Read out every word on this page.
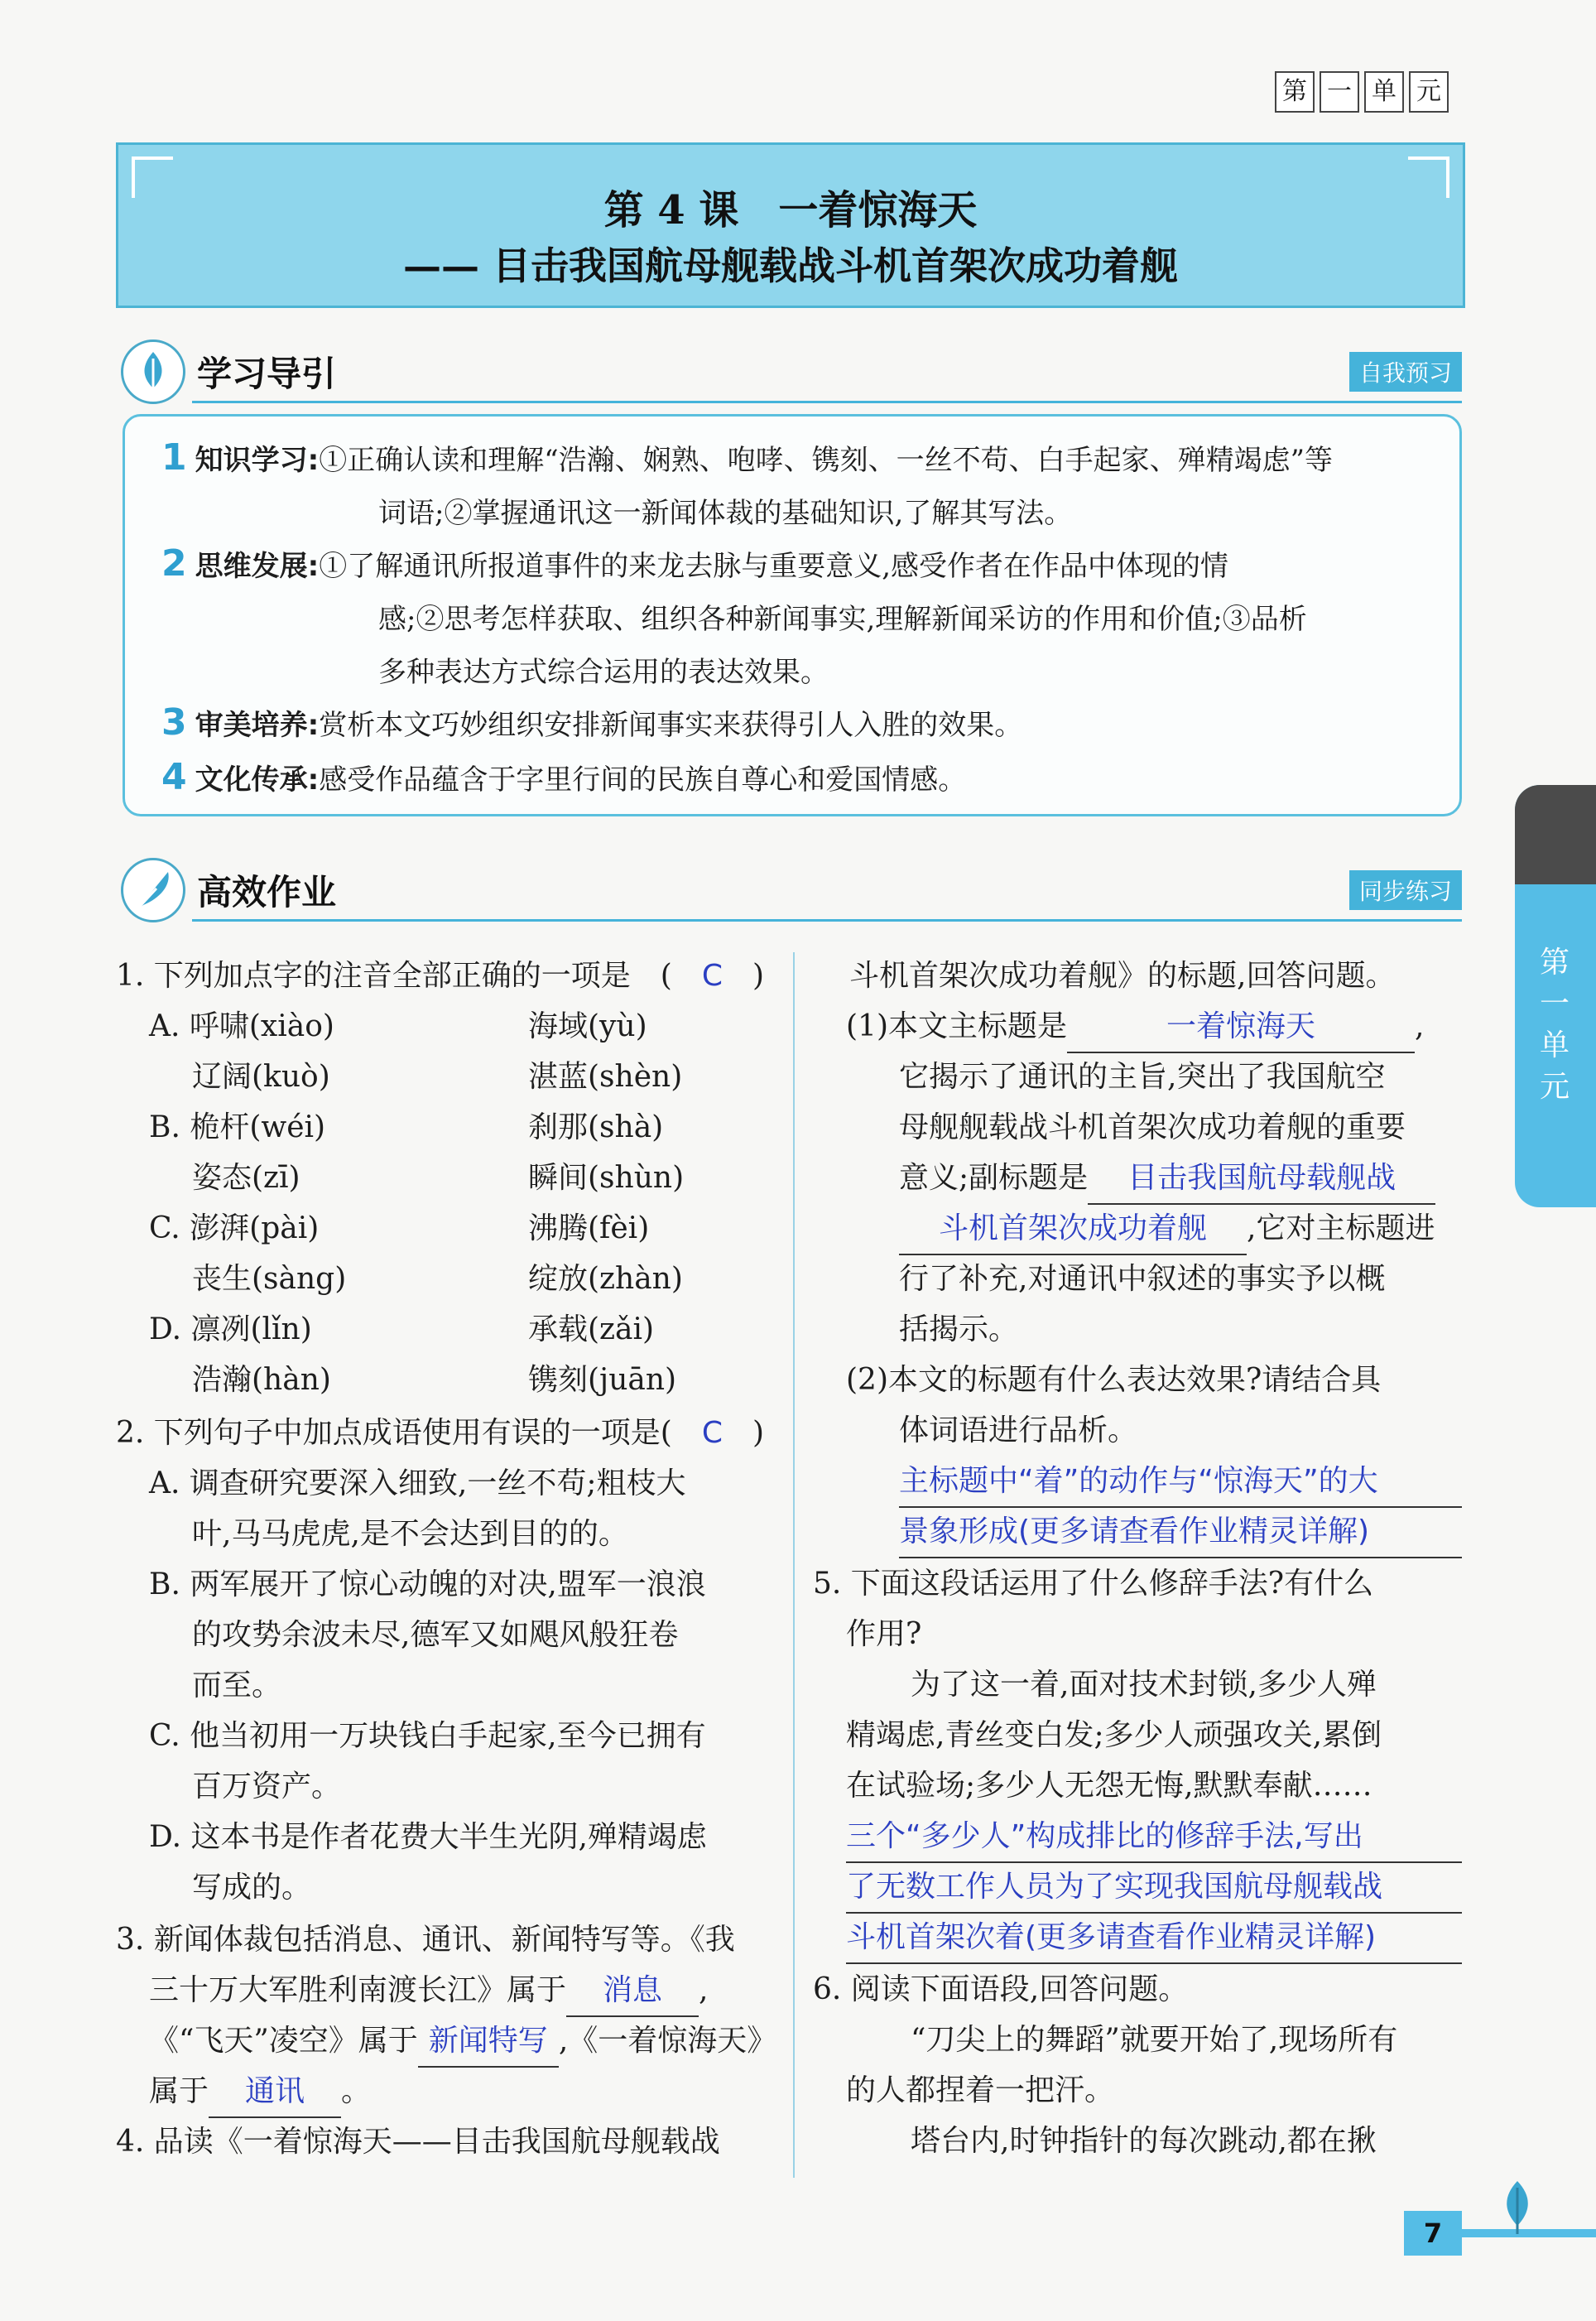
第 一 单 元
第 4 课　一着惊海天
—— 目击我国航母舰载战斗机首架次成功着舰
学习导引	自我预习
1 知识学习:①正确认读和理解“浩瀚、娴熟、咆哮、镌刻、一丝不苟、白手起家、殚精竭虑”等
词语;②掌握通讯这一新闻体裁的基础知识,了解其写法。
2 思维发展:①了解通讯所报道事件的来龙去脉与重要意义,感受作者在作品中体现的情
感;②思考怎样获取、组织各种新闻事实,理解新闻采访的作用和价值;③品析
多种表达方式综合运用的表达效果。
3 审美培养:赏析本文巧妙组织安排新闻事实来获得引人入胜的效果。
4 文化传承:感受作品蕴含于字里行间的民族自尊心和爱国情感。
高效作业	同步练习
第一单元
1. 下列加点字的注音全部正确的一项是　(　C　)
A. 呼啸(xiào)	海域(yù)
辽阔(kuò)	湛蓝(shèn)
B. 桅杆(wéi)	刹那(shà)
姿态(zī)	瞬间(shùn)
C. 澎湃(pài)	沸腾(fèi)
丧生(sàng)	绽放(zhàn)
D. 凛冽(lǐn)	承载(zǎi)
浩瀚(hàn)	镌刻(juān)
2. 下列句子中加点成语使用有误的一项是(　 C　)
A. 调查研究要深入细致,一丝不苟;粗枝大
叶,马马虎虎,是不会达到目的的。
B. 两军展开了惊心动魄的对决,盟军一浪浪
的攻势余波未尽,德军又如飓风般狂卷
而至。
C. 他当初用一万块钱白手起家,至今已拥有
百万资产。
D. 这本书是作者花费大半生光阴,殚精竭虑
写成的。
3. 新闻体裁包括消息、通讯、新闻特写等。《我
三十万大军胜利南渡长江》属于 消息 ,
《“飞天”凌空》属于 新闻特写 ,《一着惊海天》
属于 通讯 。
4. 品读《一着惊海天——目击我国航母舰载战
斗机首架次成功着舰》的标题,回答问题。
(1)本文主标题是	一着惊海天	,
它揭示了通讯的主旨,突出了我国航空
母舰舰载战斗机首架次成功着舰的重要
意义;副标题是 目击我国航母载舰战
斗机首架次成功着舰 ,它对主标题进
行了补充,对通讯中叙述的事实予以概
括揭示。
(2)本文的标题有什么表达效果?请结合具
体词语进行品析。
主标题中“着”的动作与“惊海天”的大
景象形成(更多请查看作业精灵详解)
5. 下面这段话运用了什么修辞手法?有什么
作用?
为了这一着,面对技术封锁,多少人殚
精竭虑,青丝变白发;多少人顽强攻关,累倒
在试验场;多少人无怨无悔,默默奉献……
三个“多少人”构成排比的修辞手法,写出
了无数工作人员为了实现我国航母舰载战
斗机首架次着(更多请查看作业精灵详解)
6. 阅读下面语段,回答问题。
“刀尖上的舞蹈”就要开始了,现场所有
的人都捏着一把汗。
塔台内,时钟指针的每次跳动,都在揪
7
